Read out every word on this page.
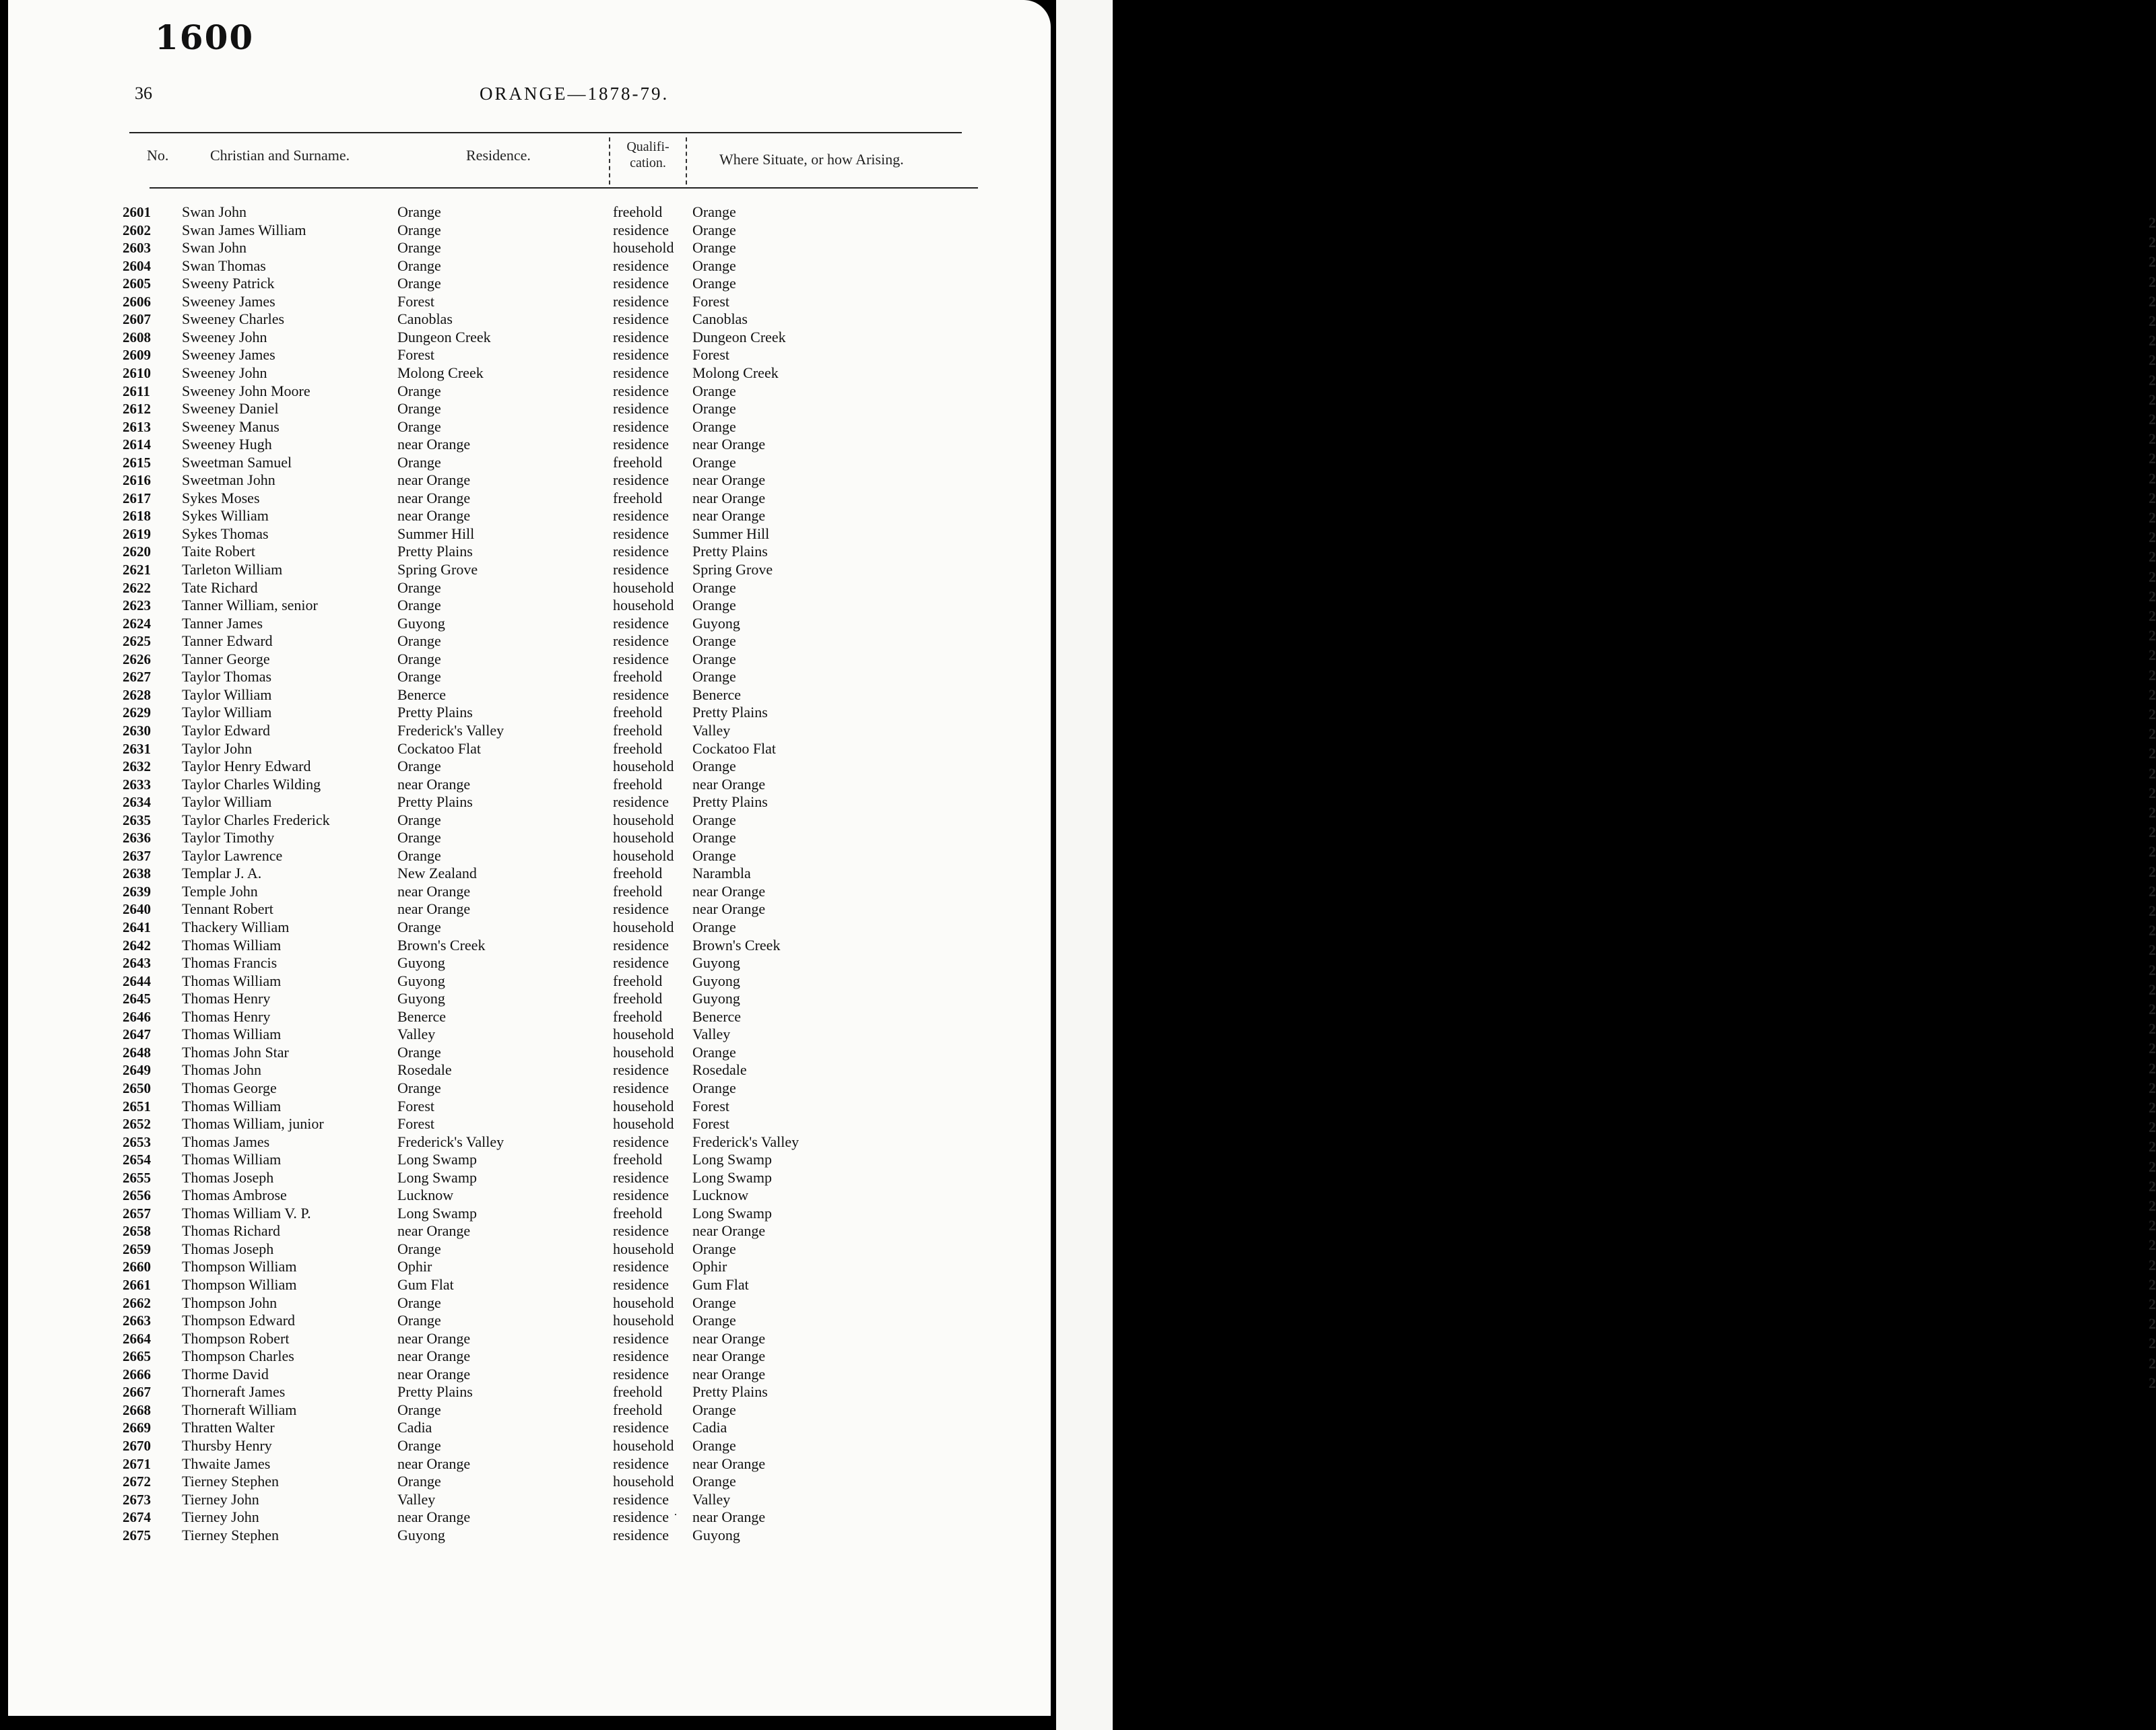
1600
36	ORANGE—1878-79.
No.	Christian and Surname.	Residence.	Qualifi-
cation.	Where Situate, or how Arising.
2601 Swan John	Orange	freehold Orange
2602 Swan James William	Orange	residence Orange
2603 Swan John	Orange	household Orange
2604 Swan Thomas	Orange	residence Orange
2605 Sweeny Patrick	Orange	residence Orange
2606 Sweeney James	Forest	residence Forest
2607 Sweeney Charles	Canoblas	residence Canoblas
2608 Sweeney John	Dungeon Creek	residence Dungeon Creek
2609 Sweeney James	Forest	residence Forest
2610 Sweeney John	Molong Creek	residence Molong Creek
2611 Sweeney John Moore	Orange	residence Orange
2612 Sweeney Daniel	Orange	residence Orange
2613 Sweeney Manus	Orange	residence Orange
2614 Sweeney Hugh	near Orange	residence near Orange
2615 Sweetman Samuel	Orange	freehold Orange
2616 Sweetman John	near Orange	residence near Orange
2617 Sykes Moses	near Orange	freehold near Orange
2618 Sykes William	near Orange	residence near Orange
2619 Sykes Thomas	Summer Hill	residence Summer Hill
2620 Taite Robert	Pretty Plains	residence Pretty Plains
2621 Tarleton William	Spring Grove	residence Spring Grove
2622 Tate Richard	Orange	household Orange
2623 Tanner William, senior	Orange	household Orange
2624 Tanner James	Guyong	residence Guyong
2625 Tanner Edward	Orange	residence Orange
2626 Tanner George	Orange	residence Orange
2627 Taylor Thomas	Orange	freehold Orange
2628 Taylor William	Benerce	residence Benerce
2629 Taylor William	Pretty Plains	freehold Pretty Plains
2630 Taylor Edward	Frederick's Valley	freehold Valley
2631 Taylor John	Cockatoo Flat	freehold Cockatoo Flat
2632 Taylor Henry Edward	Orange	household Orange
2633 Taylor Charles Wilding	near Orange	freehold near Orange
2634 Taylor William	Pretty Plains	residence Pretty Plains
2635 Taylor Charles Frederick	Orange	household Orange
2636 Taylor Timothy	Orange	household Orange
2637 Taylor Lawrence	Orange	household Orange
2638 Templar J. A.	New Zealand	freehold Narambla
2639 Temple John	near Orange	freehold near Orange
2640 Tennant Robert	near Orange	residence near Orange
2641 Thackery William	Orange	household Orange
2642 Thomas William	Brown's Creek	residence Brown's Creek
2643 Thomas Francis	Guyong	residence Guyong
2644 Thomas William	Guyong	freehold Guyong
2645 Thomas Henry	Guyong	freehold Guyong
2646 Thomas Henry	Benerce	freehold Benerce
2647 Thomas William	Valley	household Valley
2648 Thomas John Star	Orange	household Orange
2649 Thomas John	Rosedale	residence Rosedale
2650 Thomas George	Orange	residence Orange
2651 Thomas William	Forest	household Forest
2652 Thomas William, junior	Forest	household Forest
2653 Thomas James	Frederick's Valley	residence Frederick's Valley
2654 Thomas William	Long Swamp	freehold Long Swamp
2655 Thomas Joseph	Long Swamp	residence Long Swamp
2656 Thomas Ambrose	Lucknow	residence Lucknow
2657 Thomas William V. P.	Long Swamp	freehold Long Swamp
2658 Thomas Richard	near Orange	residence near Orange
2659 Thomas Joseph	Orange	household Orange
2660 Thompson William	Ophir	residence Ophir
2661 Thompson William	Gum Flat	residence Gum Flat
2662 Thompson John	Orange	household Orange
2663 Thompson Edward	Orange	household Orange
2664 Thompson Robert	near Orange	residence near Orange
2665 Thompson Charles	near Orange	residence near Orange
2666 Thorme David	near Orange	residence near Orange
2667 Thorneraft James	Pretty Plains	freehold Pretty Plains
2668 Thorneraft William	Orange	freehold Orange
2669 Thratten Walter	Cadia	residence Cadia
2670 Thursby Henry	Orange	household Orange
2671 Thwaite James	near Orange	residence near Orange
2672 Tierney Stephen	Orange	household Orange
2673 Tierney John	Valley	residence Valley
2674 Tierney John	near Orange	residence near Orange
2675 Tierney Stephen	Guyong	residence Guyong
2
2
2
2
2
2
2
2
2
2
2
2
2
2
2
2
2
2
2
2
2
2
2
2
2
2
2
2
2
2
2
2
2
2
2
2
2
2
2
2
2
2
2
2
2
2
2
2
2
2
2
2
2
2
2
2
2
2
2
2
